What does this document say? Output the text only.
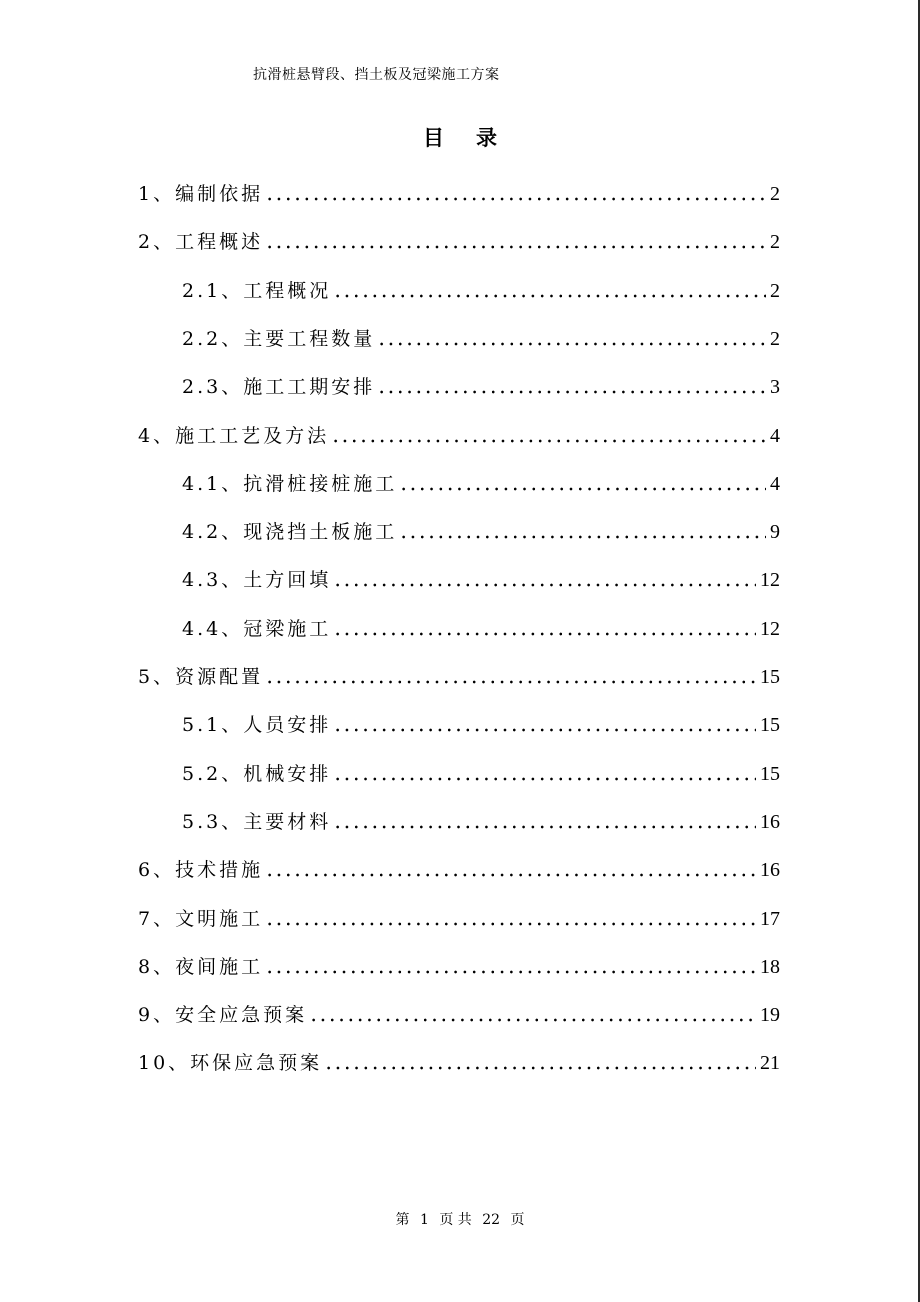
抗滑桩悬臂段、挡土板及冠梁施工方案
目录
1、编制依据	2
2、工程概述	2
2.1、工程概况	2
2.2、主要工程数量	2
2.3、施工工期安排	3
4、施工工艺及方法	4
4.1、抗滑桩接桩施工	4
4.2、现浇挡土板施工	9
4.3、土方回填	12
4.4、冠梁施工	12
5、资源配置	15
5.1、人员安排	15
5.2、机械安排	15
5.3、主要材料	16
6、技术措施	16
7、文明施工	17
8、夜间施工	18
9、安全应急预案	19
10、环保应急预案	21
第 1 页 共 22 页
